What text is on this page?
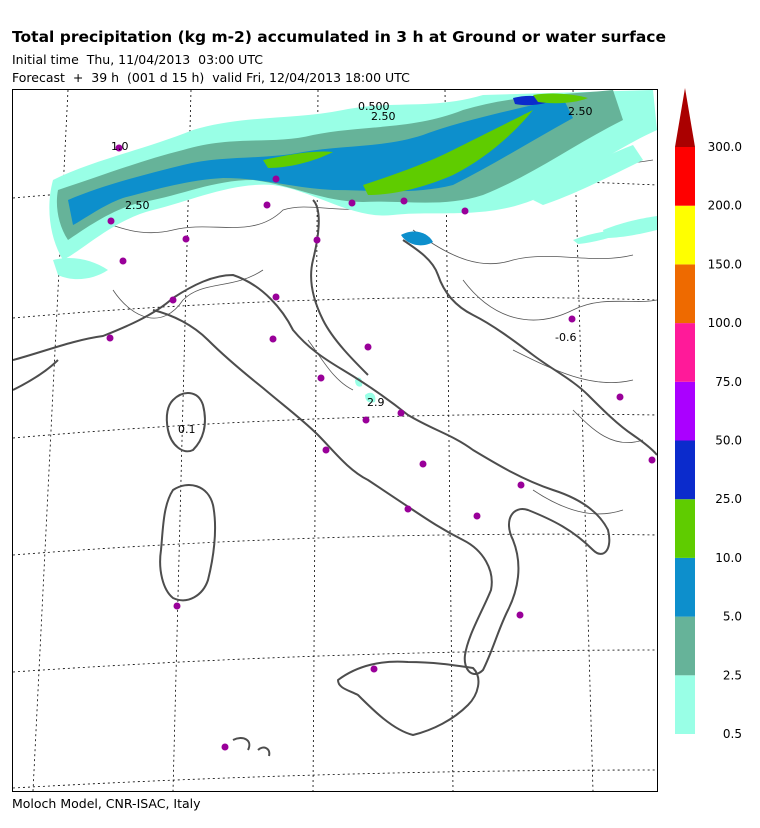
Total precipitation (kg m-2) accumulated in 3 h at Ground or water surface
Initial time  Thu, 11/04/2013  03:00 UTC
Forecast  +  39 h  (001 d 15 h)  valid Fri, 12/04/2013 18:00 UTC
0.500
2.50	2.50
1.0
2.50
0.1
2.9
-0.6
0.5
2.5
5.0
10.0
25.0
50.0
75.0
100.0
150.0
200.0
300.0
Moloch Model, CNR-ISAC, Italy
